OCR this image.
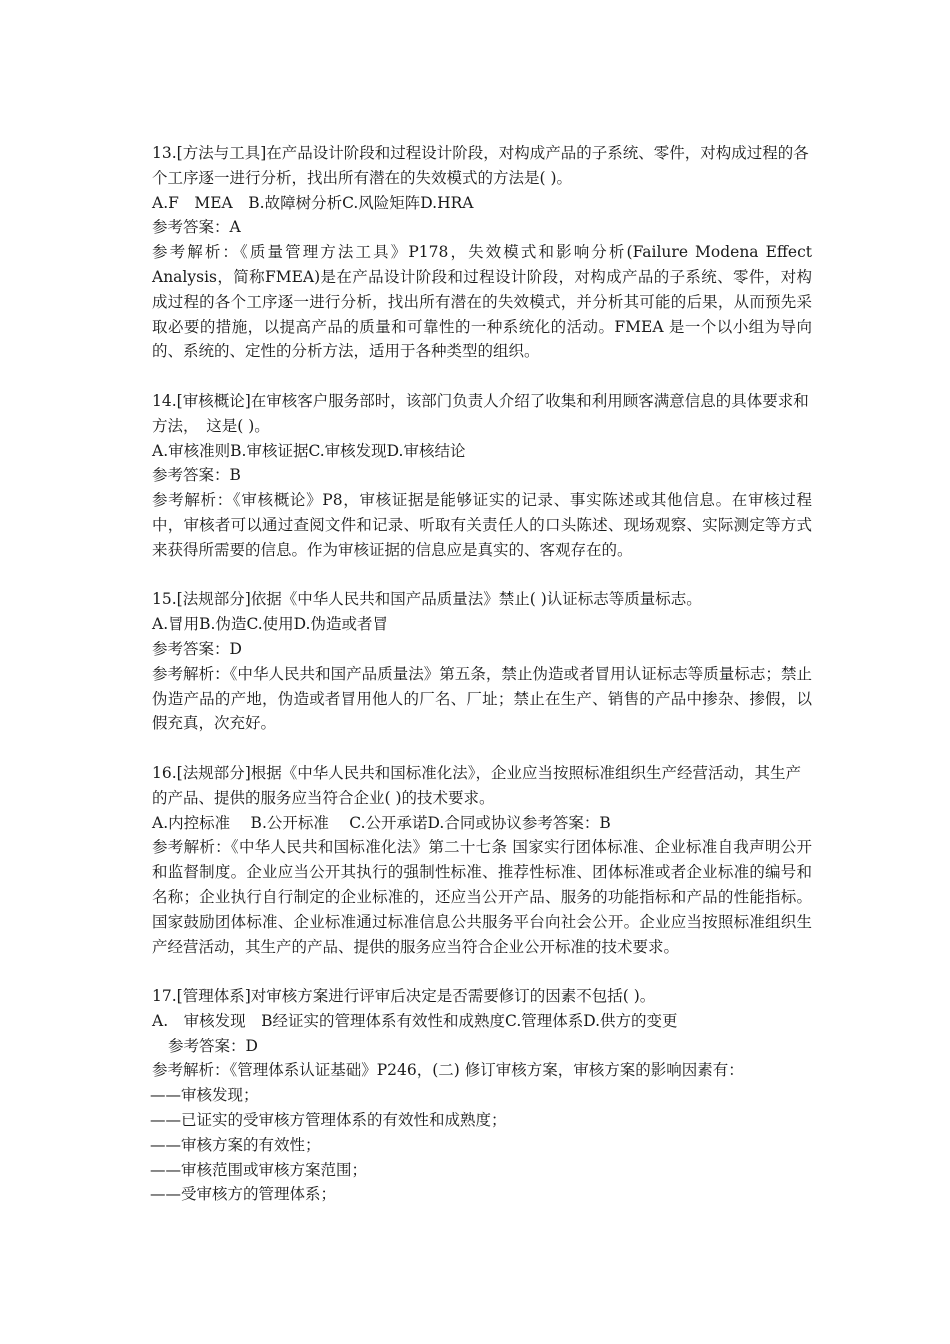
13.[方法与工具]在产品设计阶段和过程设计阶段，对构成产品的子系统、零件，对构成过程的各个工序逐一进行分析，找出所有潜在的失效模式的方法是( )。

A.F　MEA　B.故障树分析C.风险矩阵D.HRA

参考答案：A

参考解析：《质量管理方法工具》P178，失效模式和影响分析(Failure Modena Effect Analysis，简称FMEA)是在产品设计阶段和过程设计阶段，对构成产品的子系统、零件，对构成过程的各个工序逐一进行分析，找出所有潜在的失效模式，并分析其可能的后果，从而预先采取必要的措施，以提高产品的质量和可靠性的一种系统化的活动。FMEA 是一个以小组为导向的、系统的、定性的分析方法，适用于各种类型的组织。

14.[审核概论]在审核客户服务部时，该部门负责人介绍了收集和利用顾客满意信息的具体要求和方法，　这是( )。

A.审核准则B.审核证据C.审核发现D.审核结论

参考答案：B

参考解析：《审核概论》P8，审核证据是能够证实的记录、事实陈述或其他信息。在审核过程中，审核者可以通过查阅文件和记录、听取有关责任人的口头陈述、现场观察、实际测定等方式来获得所需要的信息。作为审核证据的信息应是真实的、客观存在的。

15.[法规部分]依据《中华人民共和国产品质量法》禁止( )认证标志等质量标志。

A.冒用B.伪造C.使用D.伪造或者冒

参考答案：D

参考解析：《中华人民共和国产品质量法》第五条，禁止伪造或者冒用认证标志等质量标志；禁止伪造产品的产地，伪造或者冒用他人的厂名、厂址；禁止在生产、销售的产品中掺杂、掺假，以假充真，次充好。

16.[法规部分]根据《中华人民共和国标准化法》，企业应当按照标准组织生产经营活动，其生产的产品、提供的服务应当符合企业( )的技术要求。

A.内控标准　 B.公开标准　 C.公开承诺D.合同或协议参考答案：B

参考解析：《中华人民共和国标准化法》第二十七条 国家实行团体标准、企业标准自我声明公开和监督制度。企业应当公开其执行的强制性标准、推荐性标准、团体标准或者企业标准的编号和名称；企业执行自行制定的企业标准的，还应当公开产品、服务的功能指标和产品的性能指标。国家鼓励团体标准、企业标准通过标准信息公共服务平台向社会公开。企业应当按照标准组织生产经营活动，其生产的产品、提供的服务应当符合企业公开标准的技术要求。

17.[管理体系]对审核方案进行评审后决定是否需要修订的因素不包括( )。

A.　审核发现　B经证实的管理体系有效性和成熟度C.管理体系D.供方的变更

参考答案：D

参考解析：《管理体系认证基础》P246，(二) 修订审核方案，审核方案的影响因素有：

——审核发现；
——已证实的受审核方管理体系的有效性和成熟度；
——审核方案的有效性；
——审核范围或审核方案范围；
——受审核方的管理体系；
